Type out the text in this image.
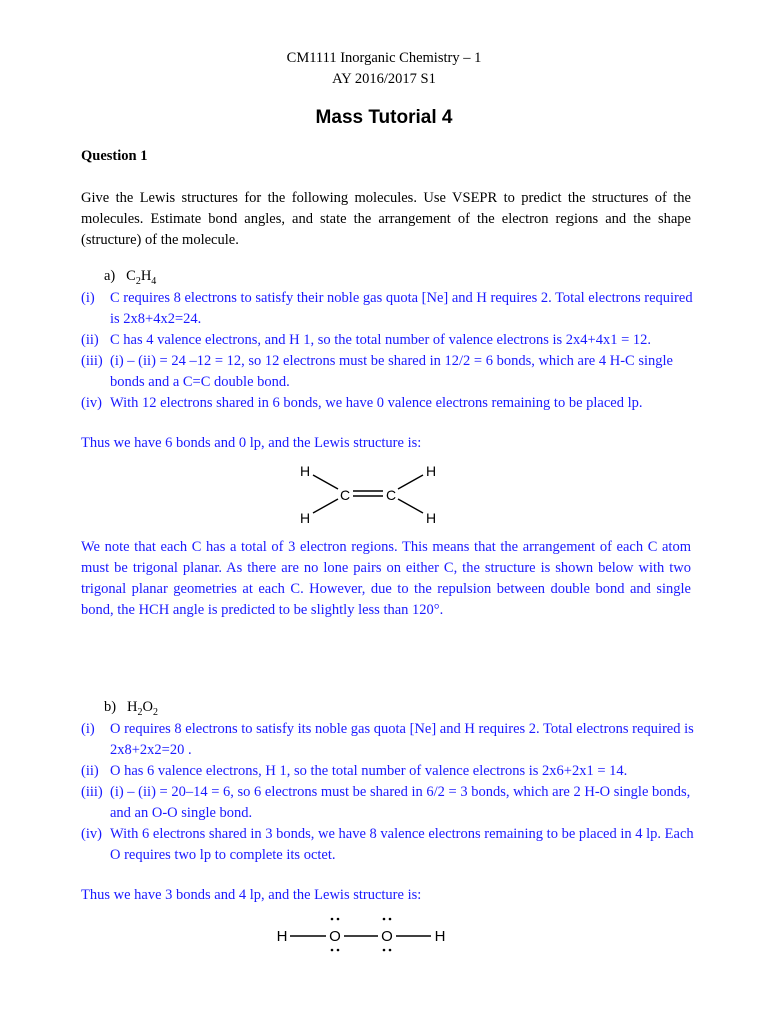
CM1111 Inorganic Chemistry – 1
AY 2016/2017 S1
Mass Tutorial 4
Question 1
Give the Lewis structures for the following molecules. Use VSEPR to predict the structures of the molecules. Estimate bond angles, and state the arrangement of the electron regions and the shape (structure) of the molecule.
a) $C_2H_4$
(i) C requires 8 electrons to satisfy their noble gas quota [Ne] and H requires 2. Total electrons required is 2x8+4x2=24.
(ii) C has 4 valence electrons, and H 1, so the total number of valence electrons is 2x4+4x1 = 12.
(iii) (i) – (ii) = 24 –12 = 12, so 12 electrons must be shared in 12/2 = 6 bonds, which are 4 H-C single bonds and a C=C double bond.
(iv) With 12 electrons shared in 6 bonds, we have 0 valence electrons remaining to be placed lp.
Thus we have 6 bonds and 0 lp, and the Lewis structure is:
H	H
H	H
C	C
We note that each C has a total of 3 electron regions. This means that the arrangement of each C atom must be trigonal planar. As there are no lone pairs on either C, the structure is shown below with two trigonal planar geometries at each C. However, due to the repulsion between double bond and single bond, the HCH angle is predicted to be slightly less than 120°.
b) $H_2O_2$
(i) O requires 8 electrons to satisfy its noble gas quota [Ne] and H requires 2. Total electrons required is 2x8+2x2=20 .
(ii) O has 6 valence electrons, H 1, so the total number of valence electrons is 2x6+2x1 = 14.
(iii) (i) – (ii) = 20–14 = 6, so 6 electrons must be shared in 6/2 = 3 bonds, which are 2 H-O single bonds, and an O-O single bond.
(iv) With 6 electrons shared in 3 bonds, we have 8 valence electrons remaining to be placed in 4 lp. Each O requires two lp to complete its octet.
Thus we have 3 bonds and 4 lp, and the Lewis structure is:
H	O	O	H
